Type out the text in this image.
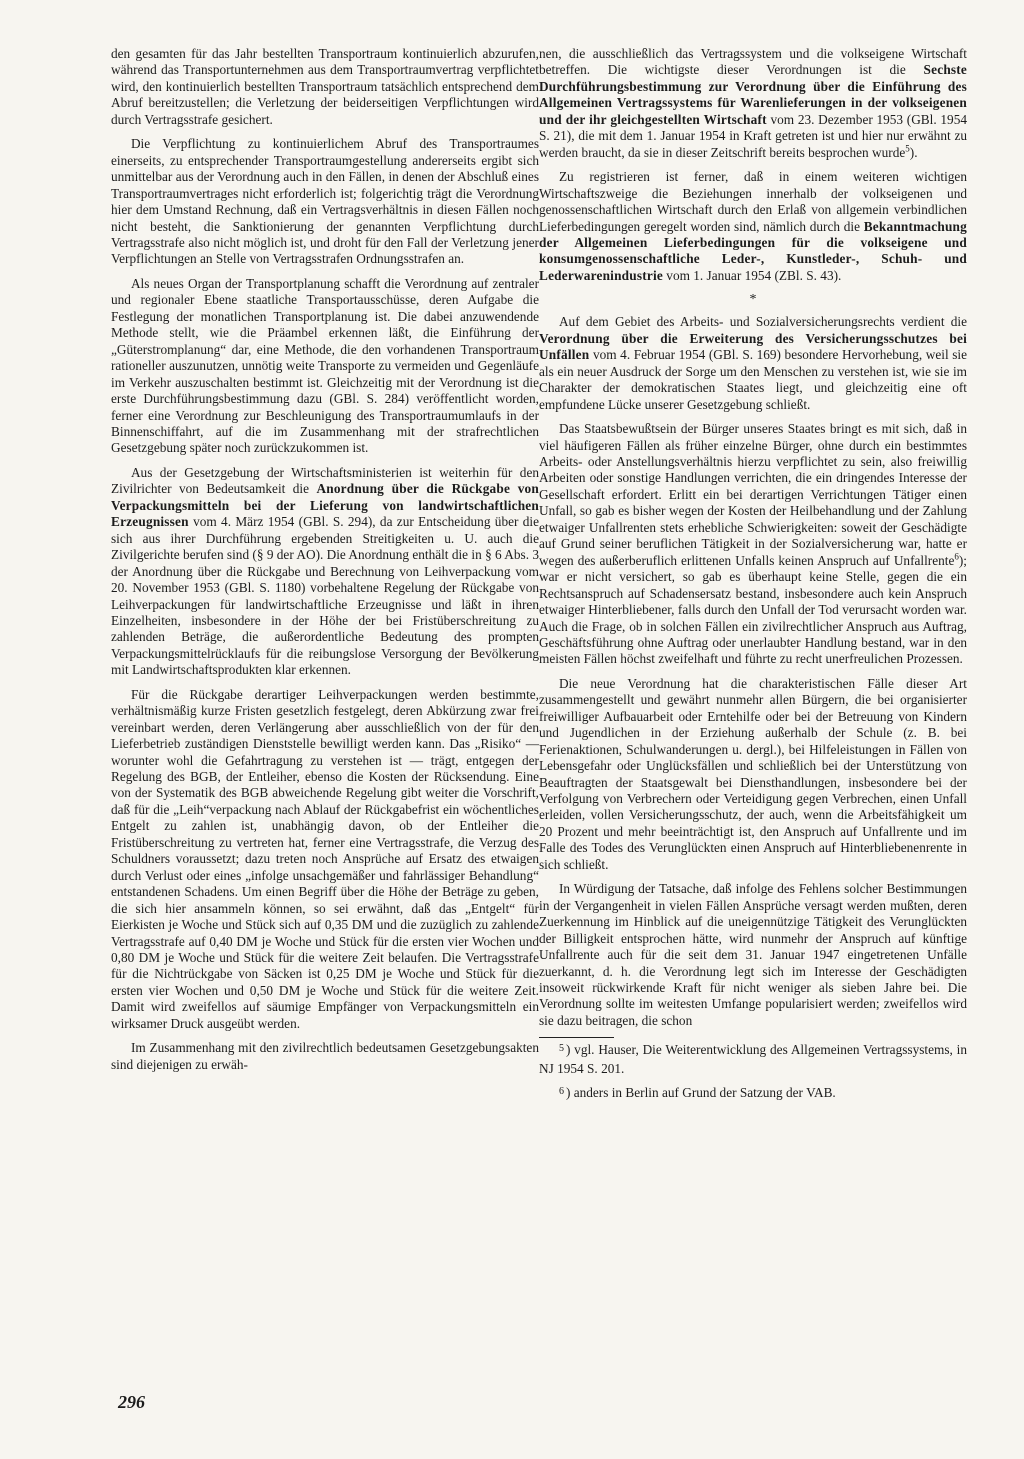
den gesamten für das Jahr bestellten Transportraum kontinuierlich abzurufen, während das Transportunternehmen aus dem Transportraumvertrag verpflichtet wird, den kontinuierlich bestellten Transportraum tatsächlich entsprechend dem Abruf bereitzustellen; die Verletzung der beiderseitigen Verpflichtungen wird durch Vertragsstrafe gesichert.

Die Verpflichtung zu kontinuierlichem Abruf des Transportraumes einerseits, zu entsprechender Transportraumgestellung andererseits ergibt sich unmittelbar aus der Verordnung auch in den Fällen, in denen der Abschluß eines Transportraumvertrages nicht erforderlich ist; folgerichtig trägt die Verordnung hier dem Umstand Rechnung, daß ein Vertragsverhältnis in diesen Fällen noch nicht besteht, die Sanktionierung der genannten Verpflichtung durch Vertragsstrafe also nicht möglich ist, und droht für den Fall der Verletzung jener Verpflichtungen an Stelle von Vertragsstrafen Ordnungsstrafen an.

Als neues Organ der Transportplanung schafft die Verordnung auf zentraler und regionaler Ebene staatliche Transportausschüsse, deren Aufgabe die Festlegung der monatlichen Transportplanung ist. Die dabei anzuwendende Methode stellt, wie die Präambel erkennen läßt, die Einführung der „Güterstromplanung“ dar, eine Methode, die den vorhandenen Transportraum rationeller auszunutzen, unnötig weite Transporte zu vermeiden und Gegenläufe im Verkehr auszuschalten bestimmt ist. Gleichzeitig mit der Verordnung ist die erste Durchführungsbestimmung dazu (GBl. S. 284) veröffentlicht worden, ferner eine Verordnung zur Beschleunigung des Transportraumumlaufs in der Binnenschiffahrt, auf die im Zusammenhang mit der strafrechtlichen Gesetzgebung später noch zurückzukommen ist.

Aus der Gesetzgebung der Wirtschaftsministerien ist weiterhin für den Zivilrichter von Bedeutsamkeit die Anordnung über die Rückgabe von Verpackungsmitteln bei der Lieferung von landwirtschaftlichen Erzeugnissen vom 4. März 1954 (GBl. S. 294), da zur Entscheidung über die sich aus ihrer Durchführung ergebenden Streitigkeiten u. U. auch die Zivilgerichte berufen sind (§ 9 der AO). Die Anordnung enthält die in § 6 Abs. 3 der Anordnung über die Rückgabe und Berechnung von Leihverpackung vom 20. November 1953 (GBl. S. 1180) vorbehaltene Regelung der Rückgabe von Leihverpackungen für landwirtschaftliche Erzeugnisse und läßt in ihren Einzelheiten, insbesondere in der Höhe der bei Fristüberschreitung zu zahlenden Beträge, die außerordentliche Bedeutung des prompten Verpackungsmittelrücklaufs für die reibungslose Versorgung der Bevölkerung mit Landwirtschaftsprodukten klar erkennen.

Für die Rückgabe derartiger Leihverpackungen werden bestimmte, verhältnismäßig kurze Fristen gesetzlich festgelegt, deren Abkürzung zwar frei vereinbart werden, deren Verlängerung aber ausschließlich von der für den Lieferbetrieb zuständigen Dienststelle bewilligt werden kann. Das „Risiko“ — worunter wohl die Gefahrtragung zu verstehen ist — trägt, entgegen der Regelung des BGB, der Entleiher, ebenso die Kosten der Rücksendung. Eine von der Systematik des BGB abweichende Regelung gibt weiter die Vorschrift, daß für die „Leih“verpackung nach Ablauf der Rückgabefrist ein wöchentliches Entgelt zu zahlen ist, unabhängig davon, ob der Entleiher die Fristüberschreitung zu vertreten hat, ferner eine Vertragsstrafe, die Verzug des Schuldners voraussetzt; dazu treten noch Ansprüche auf Ersatz des etwaigen durch Verlust oder eines „infolge unsachgemäßer und fahrlässiger Behandlung“ entstandenen Schadens. Um einen Begriff über die Höhe der Beträge zu geben, die sich hier ansammeln können, so sei erwähnt, daß das „Entgelt“ für Eierkisten je Woche und Stück sich auf 0,35 DM und die zuzüglich zu zahlende Vertragsstrafe auf 0,40 DM je Woche und Stück für die ersten vier Wochen und 0,80 DM je Woche und Stück für die weitere Zeit belaufen. Die Vertragsstrafe für die Nichtrückgabe von Säcken ist 0,25 DM je Woche und Stück für die ersten vier Wochen und 0,50 DM je Woche und Stück für die weitere Zeit. Damit wird zweifellos auf säumige Empfänger von Verpackungsmitteln ein wirksamer Druck ausgeübt werden.

Im Zusammenhang mit den zivilrechtlich bedeutsamen Gesetzgebungsakten sind diejenigen zu erwäh-

nen, die ausschließlich das Vertragssystem und die volkseigene Wirtschaft betreffen. Die wichtigste dieser Verordnungen ist die Sechste Durchführungsbestimmung zur Verordnung über die Einführung des Allgemeinen Vertragssystems für Warenlieferungen in der volkseigenen und der ihr gleichgestellten Wirtschaft vom 23. Dezember 1953 (GBl. 1954 S. 21), die mit dem 1. Januar 1954 in Kraft getreten ist und hier nur erwähnt zu werden braucht, da sie in dieser Zeitschrift bereits besprochen wurde$^5$).

Zu registrieren ist ferner, daß in einem weiteren wichtigen Wirtschaftszweige die Beziehungen innerhalb der volkseigenen und genossenschaftlichen Wirtschaft durch den Erlaß von allgemein verbindlichen Lieferbedingungen geregelt worden sind, nämlich durch die Bekanntmachung der Allgemeinen Lieferbedingungen für die volkseigene und konsumgenossenschaftliche Leder-, Kunstleder-, Schuh- und Lederwarenindustrie vom 1. Januar 1954 (ZBl. S. 43).

*

Auf dem Gebiet des Arbeits- und Sozialversicherungsrechts verdient die Verordnung über die Erweiterung des Versicherungsschutzes bei Unfällen vom 4. Februar 1954 (GBl. S. 169) besondere Hervorhebung, weil sie als ein neuer Ausdruck der Sorge um den Menschen zu verstehen ist, wie sie im Charakter der demokratischen Staates liegt, und gleichzeitig eine oft empfundene Lücke unserer Gesetzgebung schließt.

Das Staatsbewußtsein der Bürger unseres Staates bringt es mit sich, daß in viel häufigeren Fällen als früher einzelne Bürger, ohne durch ein bestimmtes Arbeits- oder Anstellungsverhältnis hierzu verpflichtet zu sein, also freiwillig Arbeiten oder sonstige Handlungen verrichten, die ein dringendes Interesse der Gesellschaft erfordert. Erlitt ein bei derartigen Verrichtungen Tätiger einen Unfall, so gab es bisher wegen der Kosten der Heilbehandlung und der Zahlung etwaiger Unfallrenten stets erhebliche Schwierigkeiten: soweit der Geschädigte auf Grund seiner beruflichen Tätigkeit in der Sozialversicherung war, hatte er wegen des außerberuflich erlittenen Unfalls keinen Anspruch auf Unfallrente$^6$); war er nicht versichert, so gab es überhaupt keine Stelle, gegen die ein Rechtsanspruch auf Schadensersatz bestand, insbesondere auch kein Anspruch etwaiger Hinterbliebener, falls durch den Unfall der Tod verursacht worden war. Auch die Frage, ob in solchen Fällen ein zivilrechtlicher Anspruch aus Auftrag, Geschäftsführung ohne Auftrag oder unerlaubter Handlung bestand, war in den meisten Fällen höchst zweifelhaft und führte zu recht unerfreulichen Prozessen.

Die neue Verordnung hat die charakteristischen Fälle dieser Art zusammengestellt und gewährt nunmehr allen Bürgern, die bei organisierter freiwilliger Aufbauarbeit oder Erntehilfe oder bei der Betreuung von Kindern und Jugendlichen in der Erziehung außerhalb der Schule (z. B. bei Ferienaktionen, Schulwanderungen u. dergl.), bei Hilfeleistungen in Fällen von Lebensgefahr oder Unglücksfällen und schließlich bei der Unterstützung von Beauftragten der Staatsgewalt bei Diensthandlungen, insbesondere bei der Verfolgung von Verbrechern oder Verteidigung gegen Verbrechen, einen Unfall erleiden, vollen Versicherungsschutz, der auch, wenn die Arbeitsfähigkeit um 20 Prozent und mehr beeinträchtigt ist, den Anspruch auf Unfallrente und im Falle des Todes des Verunglückten einen Anspruch auf Hinterbliebenenrente in sich schließt.

In Würdigung der Tatsache, daß infolge des Fehlens solcher Bestimmungen in der Vergangenheit in vielen Fällen Ansprüche versagt werden mußten, deren Zuerkennung im Hinblick auf die uneigennützige Tätigkeit des Verunglückten der Billigkeit entsprochen hätte, wird nunmehr der Anspruch auf künftige Unfallrente auch für die seit dem 31. Januar 1947 eingetretenen Unfälle zuerkannt, d. h. die Verordnung legt sich im Interesse der Geschädigten insoweit rückwirkende Kraft für nicht weniger als sieben Jahre bei. Die Verordnung sollte im weitesten Umfange popularisiert werden; zweifellos wird sie dazu beitragen, die schon

$^5$ ) vgl. Hauser, Die Weiterentwicklung des Allgemeinen Vertragssystems, in NJ 1954 S. 201.

$^6$ ) anders in Berlin auf Grund der Satzung der VAB.

296
